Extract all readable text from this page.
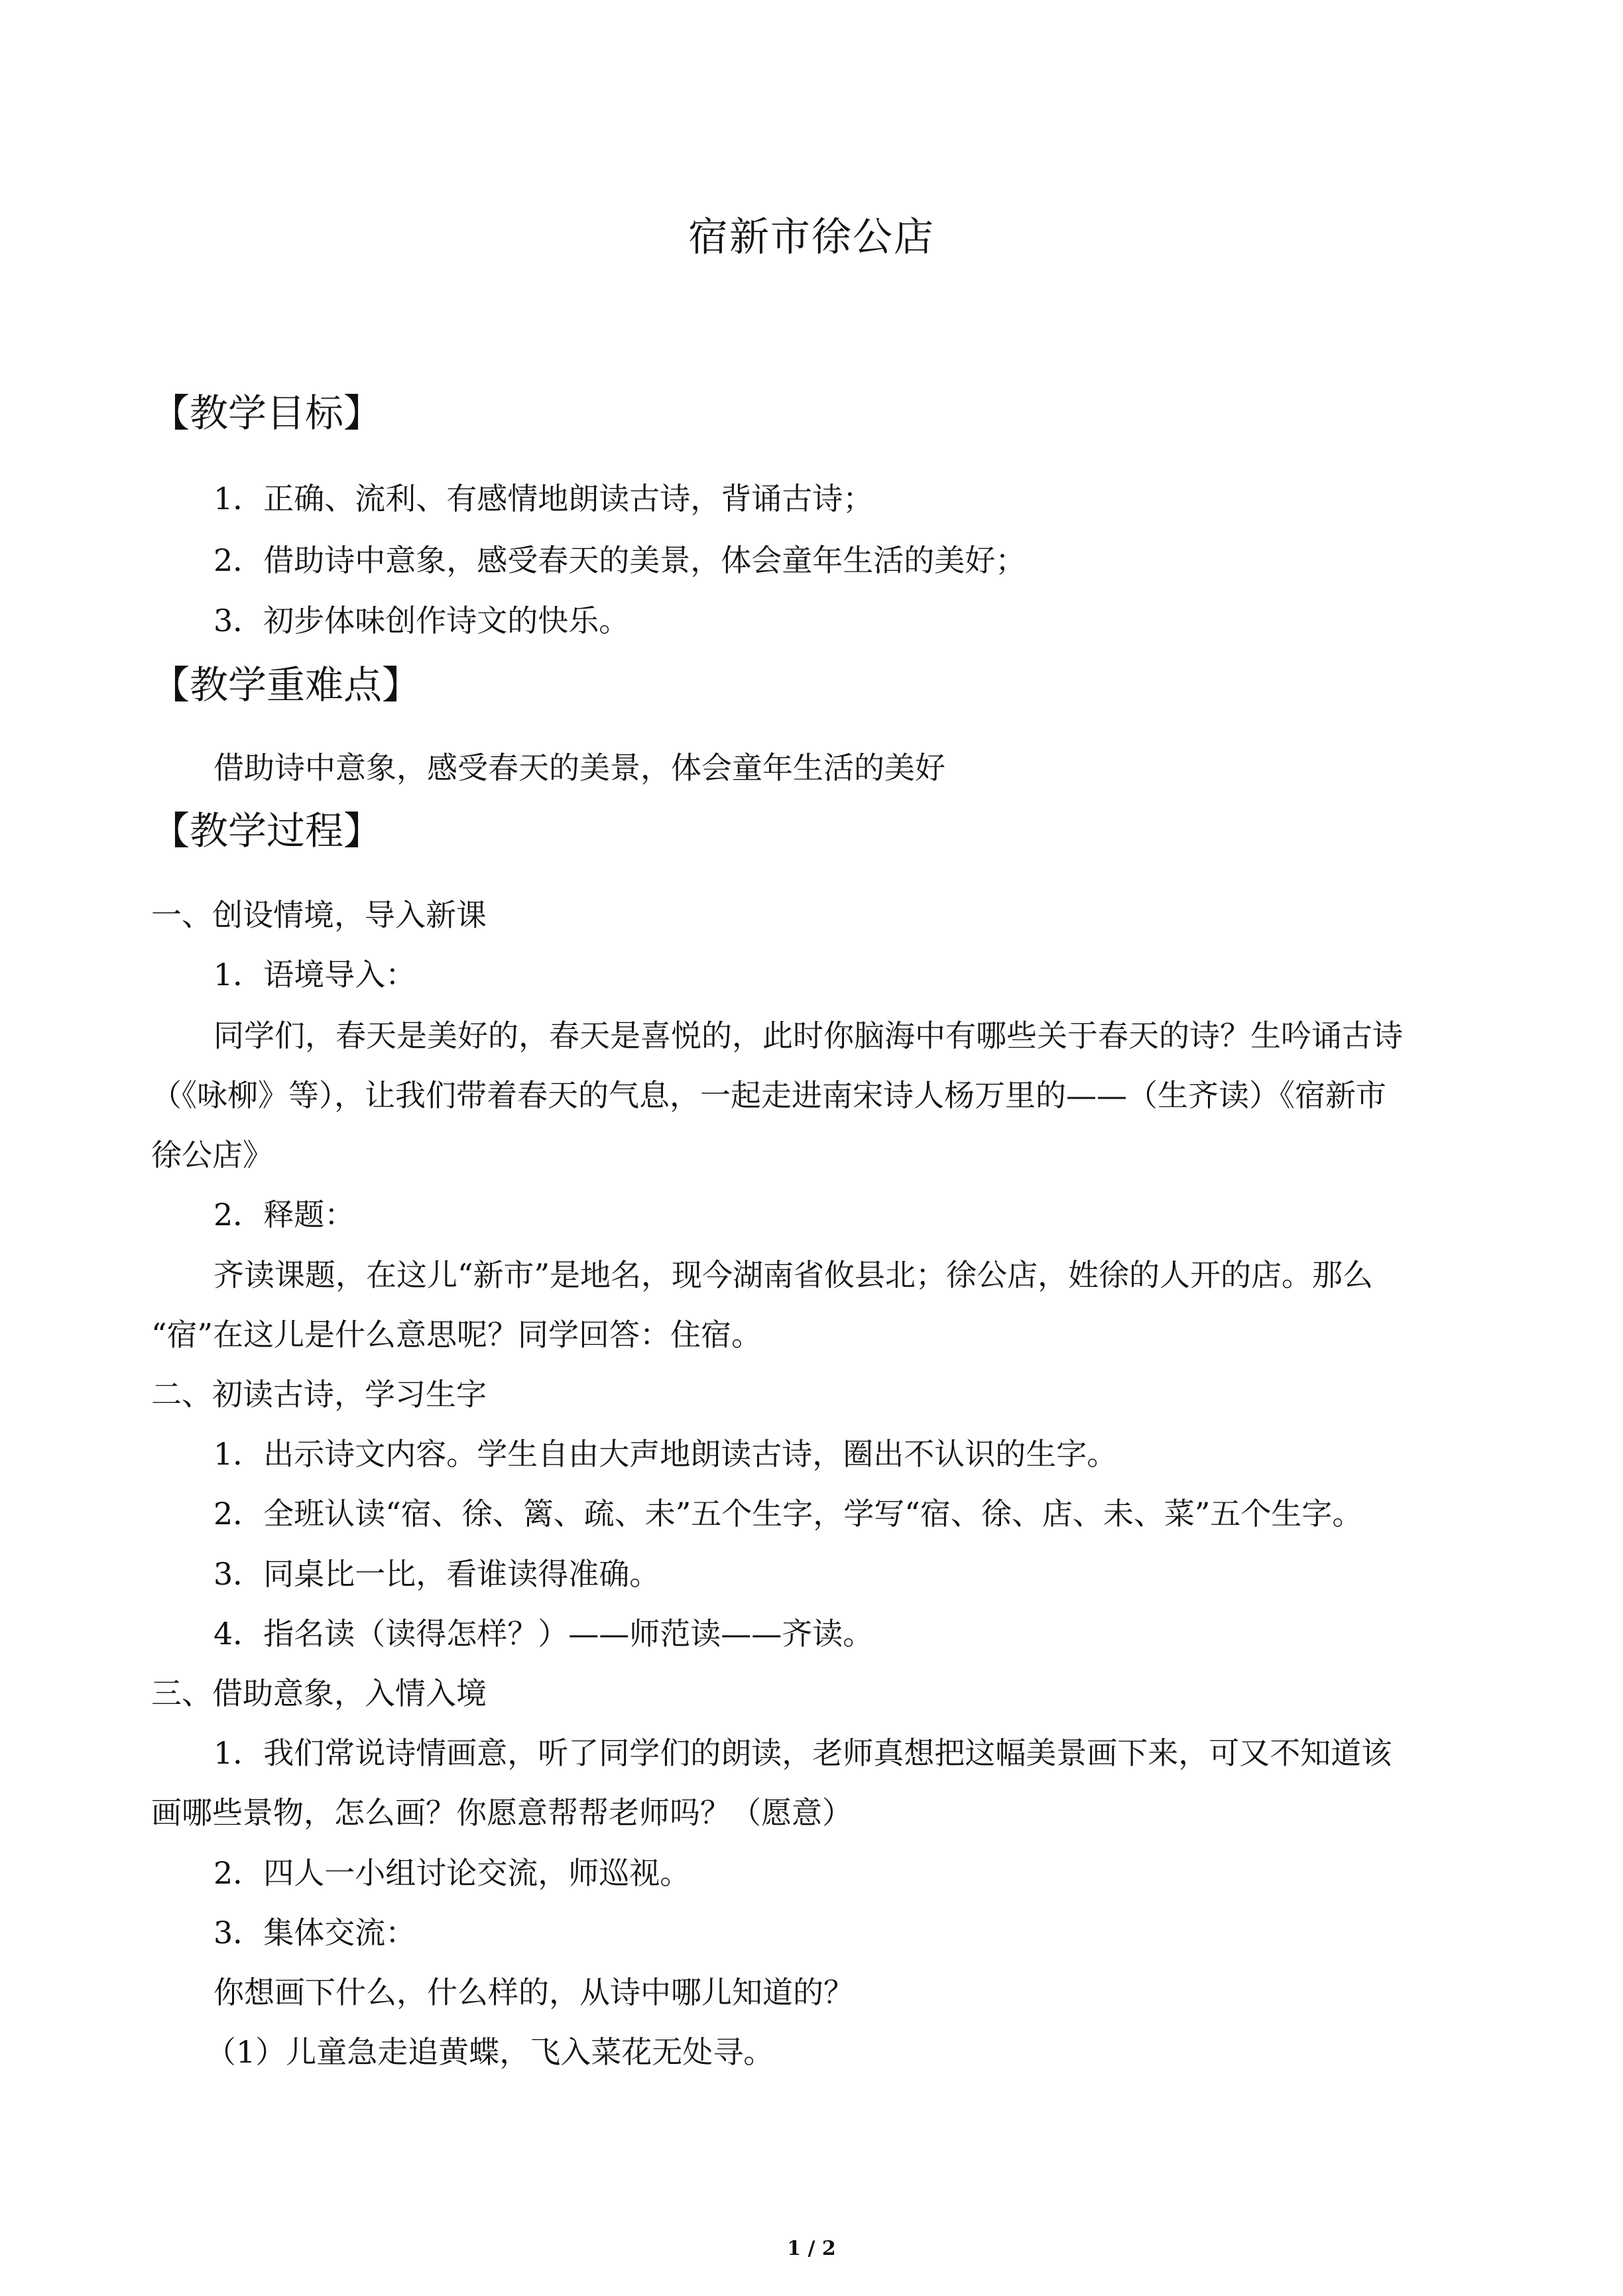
宿新市徐公店
【教学目标】
1．正确、流利、有感情地朗读古诗，背诵古诗；
2．借助诗中意象，感受春天的美景，体会童年生活的美好；
3．初步体味创作诗文的快乐。
【教学重难点】
借助诗中意象，感受春天的美景，体会童年生活的美好
【教学过程】
一、创设情境，导入新课
1．语境导入：
同学们，春天是美好的，春天是喜悦的，此时你脑海中有哪些关于春天的诗？生吟诵古诗
（《咏柳》等），让我们带着春天的气息，一起走进南宋诗人杨万里的——（生齐读）《宿新市
徐公店》
2．释题：
齐读课题，在这儿“新市”是地名，现今湖南省攸县北；徐公店，姓徐的人开的店。那么
“宿”在这儿是什么意思呢？同学回答：住宿。
二、初读古诗，学习生字
1．出示诗文内容。学生自由大声地朗读古诗，圈出不认识的生字。
2．全班认读“宿、徐、篱、疏、未”五个生字，学写“宿、徐、店、未、菜”五个生字。
3．同桌比一比，看谁读得准确。
4．指名读（读得怎样？）——师范读——齐读。
三、借助意象，入情入境
1．我们常说诗情画意，听了同学们的朗读，老师真想把这幅美景画下来，可又不知道该
画哪些景物，怎么画？你愿意帮帮老师吗？（愿意）
2．四人一小组讨论交流，师巡视。
3．集体交流：
你想画下什么，什么样的，从诗中哪儿知道的？
（1）儿童急走追黄蝶，飞入菜花无处寻。
1 / 2
